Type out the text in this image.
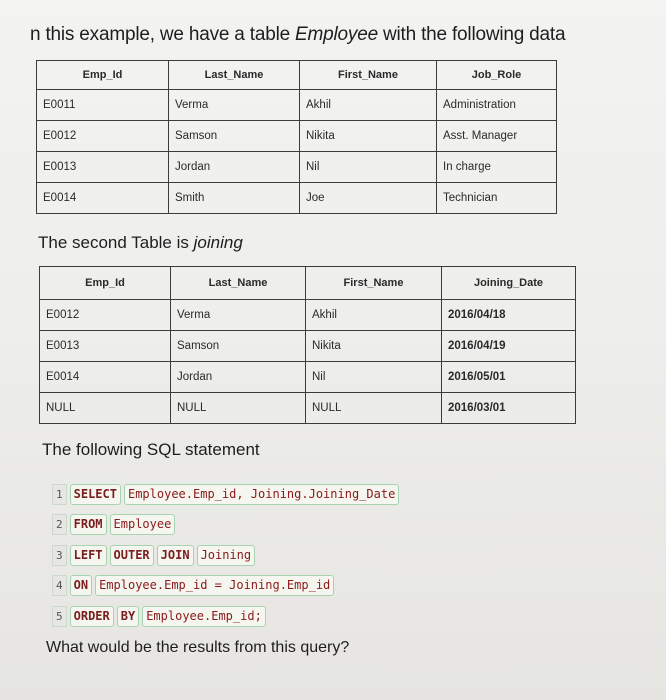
n this example, we have a table Employee with the following data
Emp_Id	Last_Name	First_Name	Job_Role
E0011	Verma	Akhil	Administration
E0012	Samson	Nikita	Asst. Manager
E0013	Jordan	Nil	In charge
E0014	Smith	Joe	Technician
The second Table is joining
Emp_Id	Last_Name	First_Name	Joining_Date
E0012	Verma	Akhil	2016/04/18
E0013	Samson	Nikita	2016/04/19
E0014	Jordan	Nil	2016/05/01
NULL	NULL	NULL	2016/03/01
The following SQL statement
1 SELECT Employee.Emp_id, Joining.Joining_Date
2 FROM Employee
3 LEFT OUTER JOIN Joining
4 ON Employee.Emp_id = Joining.Emp_id
5 ORDER BY Employee.Emp_id;
What would be the results from this query?
